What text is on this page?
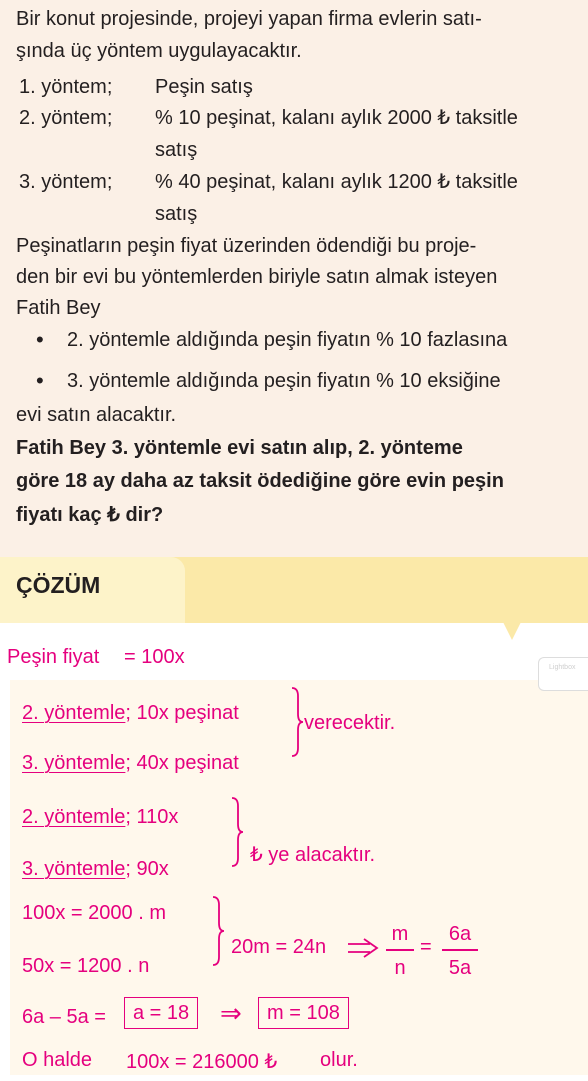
Bir konut projesinde, projeyi yapan firma evlerin satı-
şında üç yöntem uygulayacaktır.
1. yöntem; Peşin satış
2. yöntem; % 10 peşinat, kalanı aylık 2000 ₺ taksitle
satış
3. yöntem; % 40 peşinat, kalanı aylık 1200 ₺ taksitle
satış
Peşinatların peşin fiyat üzerinden ödendiği bu proje-
den bir evi bu yöntemlerden biriyle satın almak isteyen
Fatih Bey
• 2. yöntemle aldığında peşin fiyatın % 10 fazlasına
• 3. yöntemle aldığında peşin fiyatın % 10 eksiğine
evi satın alacaktır.
Fatih Bey 3. yöntemle evi satın alıp, 2. yönteme
göre 18 ay daha az taksit ödediğine göre evin peşin
fiyatı kaç ₺ dir?
ÇÖZÜM
Lightbox
Peşin fiyat = 100x
2. yöntemle; 10x peşinat
3. yöntemle; 40x peşinat
verecektir.
2. yöntemle; 110x
3. yöntemle; 90x
₺ ye alacaktır.
100x = 2000 . m
50x = 1200 . n
20m = 24n
m
n
=
6a
5a
6a – 5a =	a = 18	⇒	m = 108
O halde 100x = 216000 ₺ olur.
